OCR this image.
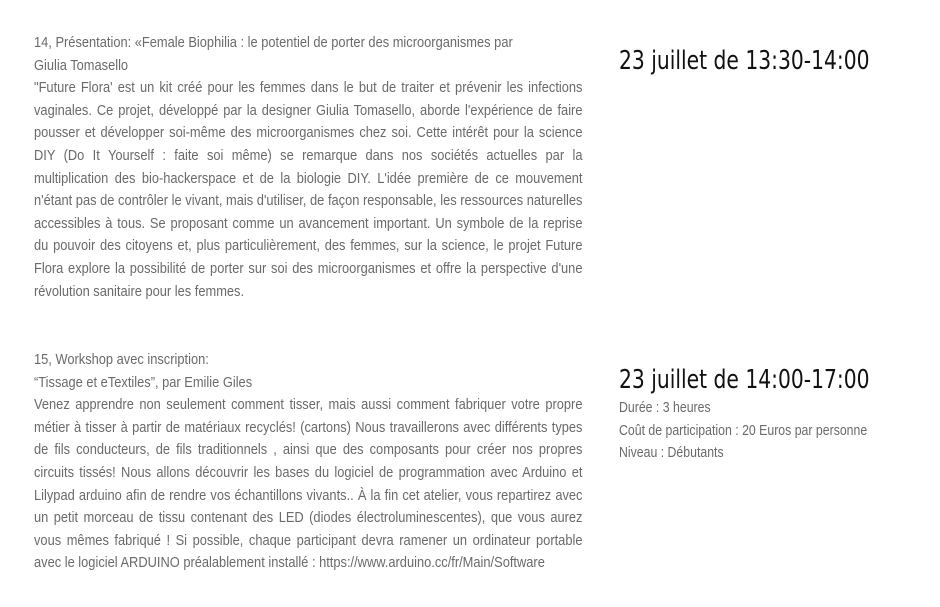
14, Présentation: «Female Biophilia : le potentiel de porter des microorganismes par
Giulia Tomasello

"Future Flora' est un kit créé pour les femmes dans le but de traiter et prévenir les infections vaginales. Ce projet, développé par la designer Giulia Tomasello, aborde l'expérience de faire pousser et développer soi-même des microorganismes chez soi. Cette intérêt pour la science DIY (Do It Yourself : faite soi même) se remarque dans nos sociétés actuelles par la multiplication des bio-hackerspace et de la biologie DIY. L'idée première de ce mouvement n'étant pas de contrôler le vivant, mais d'utiliser, de façon responsable, les ressources naturelles accessibles à tous. Se proposant comme un avancement important. Un symbole de la reprise du pouvoir des citoyens et, plus particulièrement, des femmes, sur la science, le projet Future Flora explore la possibilité de porter sur soi des microorganismes et offre la perspective d'une révolution sanitaire pour les femmes.

23 juillet de 13:30-14:00
15, Workshop avec inscription:
“Tissage et eTextiles”, par Emilie Giles

Venez apprendre non seulement comment tisser, mais aussi comment fabriquer votre propre métier à tisser à partir de matériaux recyclés! (cartons) Nous travaillerons avec différents types de fils conducteurs, de fils traditionnels , ainsi que des composants pour créer nos propres circuits tissés! Nous allons découvrir les bases du logiciel de programmation avec Arduino et Lilypad arduino afin de rendre vos échantillons vivants.. À la fin cet atelier, vous repartirez avec un petit morceau de tissu contenant des LED (diodes électroluminescentes), que vous aurez vous mêmes fabriqué ! Si possible, chaque participant devra ramener un ordinateur portable avec le logiciel ARDUINO préalablement installé : https://www.arduino.cc/fr/Main/Software

23 juillet de 14:00-17:00
Durée : 3 heures
Coût de participation : 20 Euros par personne
Niveau : Débutants
